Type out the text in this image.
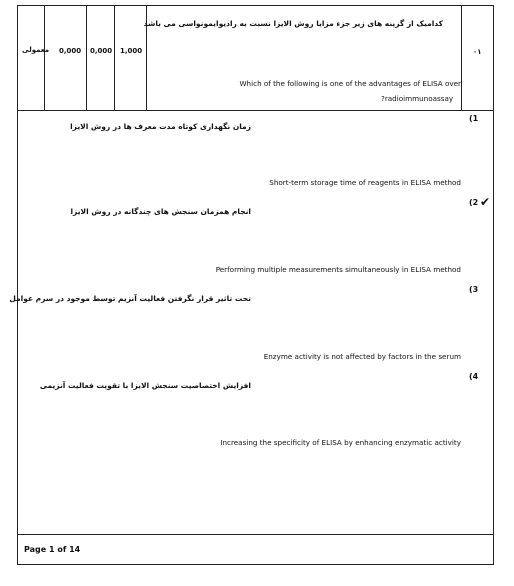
معمولی 0,000 0,000 1,000
کدامیک از گزینه های زیر جزء مزایا روش الایزا نسبت به رادیوایمونواسی می باشد
Which of the following is one of the advantages of ELISA over
?radioimmunoassay
۰۱
(1
زمان نگهداری کوتاه مدت معرف ها در روش الایزا
Short-term storage time of reagents in ELISA method
(2 ✔
انجام همزمان سنجش های چندگانه در روش الایزا
Performing multiple measurements simultaneously in ELISA method
(3
تحت تاثیر قرار نگرفتن فعالیت آنزیم توسط موجود در سرم عوامل
Enzyme activity is not affected by factors in the serum
(4
افزایش اختصاصیت سنجش الایزا با تقویت فعالیت آنزیمی
Increasing the specificity of ELISA by enhancing enzymatic activity
Page 1 of 14
